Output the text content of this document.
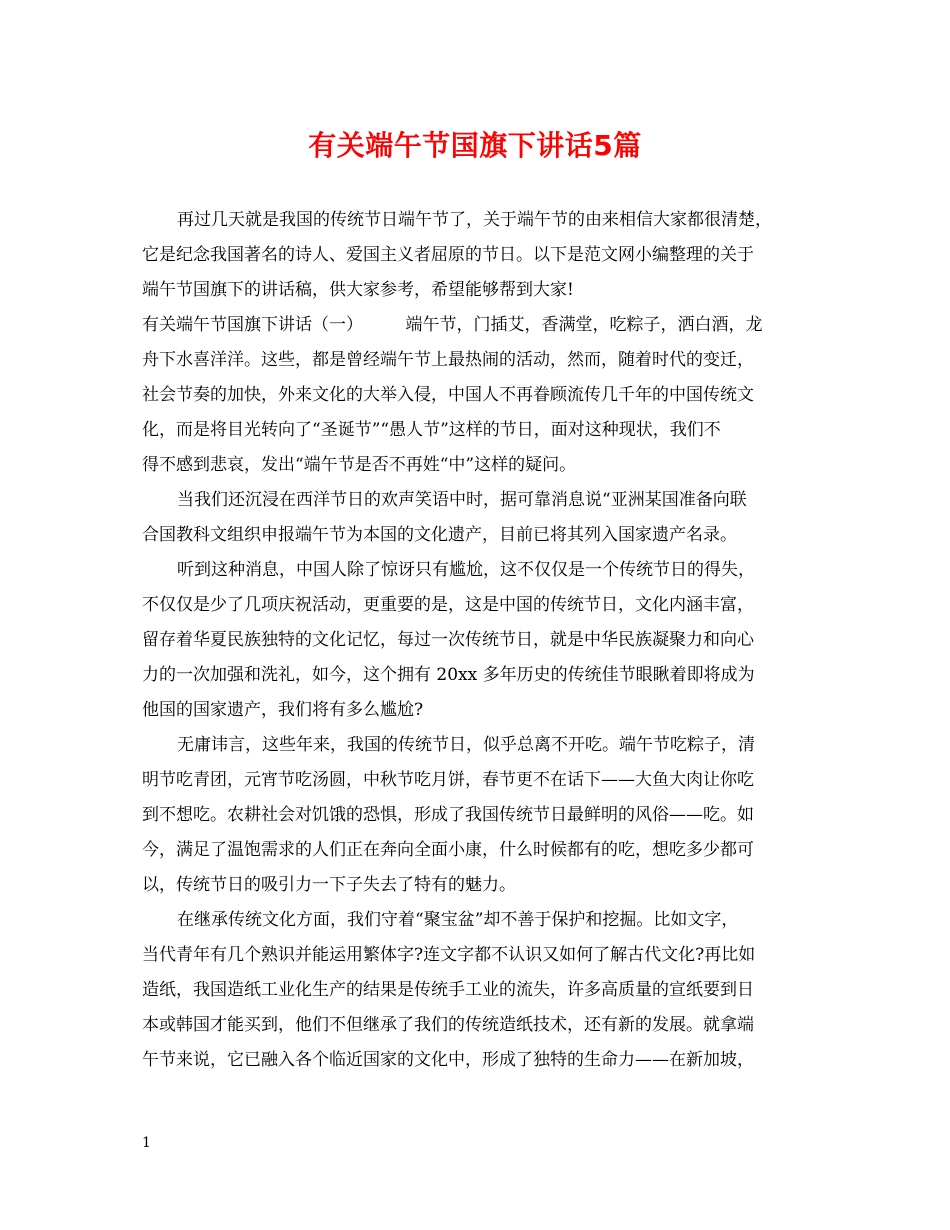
有关端午节国旗下讲话5篇
再过几天就是我国的传统节日端午节了，关于端午节的由来相信大家都很清楚，
它是纪念我国著名的诗人、爱国主义者屈原的节日。以下是范文网小编整理的关于
端午节国旗下的讲话稿，供大家参考，希望能够帮到大家!
有关端午节国旗下讲话（一）　　　端午节，门插艾，香满堂，吃粽子，洒白酒，龙
舟下水喜洋洋。这些，都是曾经端午节上最热闹的活动，然而，随着时代的变迁，
社会节奏的加快，外来文化的大举入侵，中国人不再眷顾流传几千年的中国传统文
化，而是将目光转向了“圣诞节”“愚人节”这样的节日，面对这种现状，我们不
得不感到悲哀，发出“端午节是否不再姓“中”这样的疑问。
当我们还沉浸在西洋节日的欢声笑语中时，据可靠消息说“亚洲某国准备向联
合国教科文组织申报端午节为本国的文化遗产，目前已将其列入国家遗产名录。
听到这种消息，中国人除了惊讶只有尴尬，这不仅仅是一个传统节日的得失，
不仅仅是少了几项庆祝活动，更重要的是，这是中国的传统节日，文化内涵丰富，
留存着华夏民族独特的文化记忆，每过一次传统节日，就是中华民族凝聚力和向心
力的一次加强和洗礼，如今，这个拥有 20xx 多年历史的传统佳节眼瞅着即将成为
他国的国家遗产，我们将有多么尴尬?
无庸讳言，这些年来，我国的传统节日，似乎总离不开吃。端午节吃粽子，清
明节吃青团，元宵节吃汤圆，中秋节吃月饼，春节更不在话下——大鱼大肉让你吃
到不想吃。农耕社会对饥饿的恐惧，形成了我国传统节日最鲜明的风俗——吃。如
今，满足了温饱需求的人们正在奔向全面小康，什么时候都有的吃，想吃多少都可
以，传统节日的吸引力一下子失去了特有的魅力。
在继承传统文化方面，我们守着“聚宝盆”却不善于保护和挖掘。比如文字，
当代青年有几个熟识并能运用繁体字?连文字都不认识又如何了解古代文化?再比如
造纸，我国造纸工业化生产的结果是传统手工业的流失，许多高质量的宣纸要到日
本或韩国才能买到，他们不但继承了我们的传统造纸技术，还有新的发展。就拿端
午节来说，它已融入各个临近国家的文化中，形成了独特的生命力——在新加坡，
1
